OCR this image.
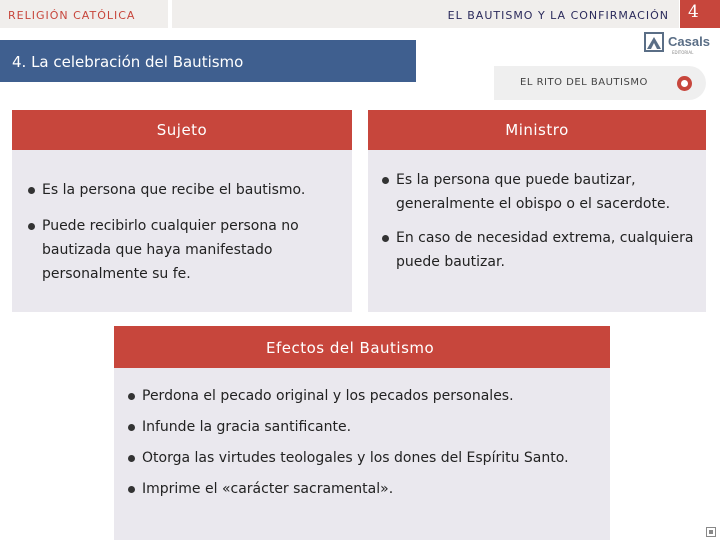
RELIGIÓN CATÓLICA	EL BAUTISMO Y LA CONFIRMACIÓN 4
Casals
EDITORIAL
4. La celebración del Bautismo
EL RITO DEL BAUTISMO
Sujeto
Es la persona que recibe el bautismo.
Puede recibirlo cualquier persona no bautizada que haya manifestado personalmente su fe.
Ministro
Es la persona que puede bautizar, generalmente el obispo o el sacerdote.
En caso de necesidad extrema, cualquiera puede bautizar.
Efectos del Bautismo
Perdona el pecado original y los pecados personales.
Infunde la gracia santificante.
Otorga las virtudes teologales y los dones del Espíritu Santo.
Imprime el «carácter sacramental».
